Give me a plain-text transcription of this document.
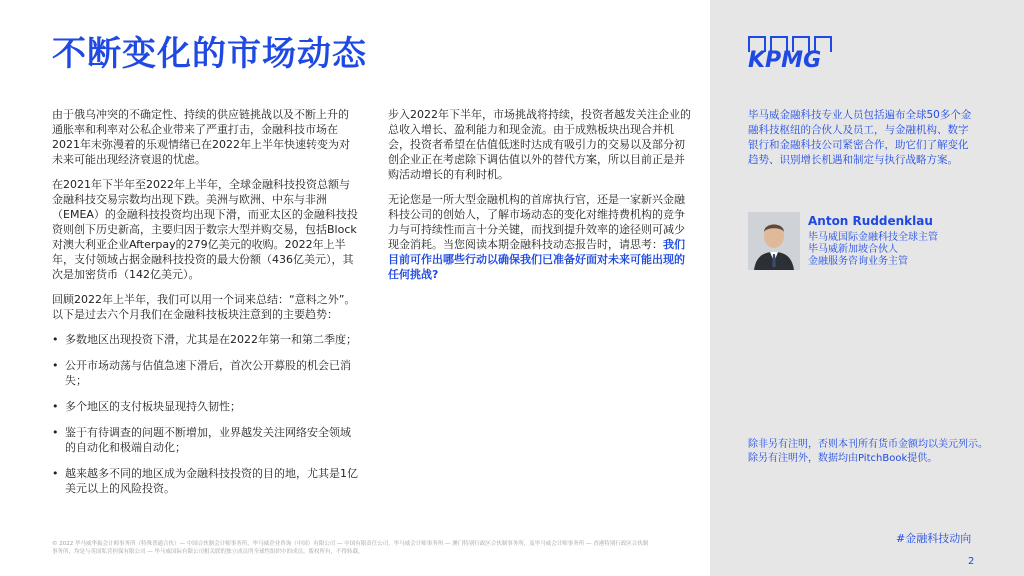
不断变化的市场动态

由于俄乌冲突的不确定性、持续的供应链挑战以及不断上升的通胀率和利率对公私企业带来了严重打击，金融科技市场在2021年末弥漫着的乐观情绪已在2022年上半年快速转变为对未来可能出现经济衰退的忧虑。

在2021年下半年至2022年上半年，全球金融科技投资总额与金融科技交易宗数均出现下跌。美洲与欧洲、中东与非洲（EMEA）的金融科技投资均出现下滑，而亚太区的金融科技投资则创下历史新高，主要归因于数宗大型并购交易，包括Block对澳大利亚企业Afterpay的279亿美元的收购。2022年上半年，支付领域占据金融科技投资的最大份额（436亿美元），其次是加密货币（142亿美元）。

回顾2022年上半年，我们可以用一个词来总结：“意料之外”。以下是过去六个月我们在金融科技板块注意到的主要趋势：

• 多数地区出现投资下滑，尤其是在2022年第一和第二季度；
• 公开市场动荡与估值急速下滑后，首次公开募股的机会已消失；
• 多个地区的支付板块显现持久韧性；
• 鉴于有待调查的问题不断增加，业界越发关注网络安全领域的自动化和极端自动化；
• 越来越多不同的地区成为金融科技投资的目的地，尤其是1亿美元以上的风险投资。

步入2022年下半年，市场挑战将持续，投资者越发关注企业的总收入增长、盈利能力和现金流。由于成熟板块出现合并机会，投资者希望在估值低迷时达成有吸引力的交易以及部分初创企业正在考虑除下调估值以外的替代方案，所以目前正是并购活动增长的有利时机。

无论您是一所大型金融机构的首席执行官，还是一家新兴金融科技公司的创始人，了解市场动态的变化对维持费机构的竞争力与可持续性而言十分关键，而找到提升效率的途径则可减少现金消耗。当您阅读本期金融科技动态报告时，请思考：我们目前可作出哪些行动以确保我们已准备好面对未来可能出现的任何挑战?

© 2022 毕马威华振会计师事务所（特殊普通合伙）— 中国合伙制会计师事务所，毕马威企业咨询（中国）有限公司 — 中国有限责任公司，毕马威会计师事务所 — 澳门特别行政区合伙制事务所，及毕马威会计师事务所 — 香港特别行政区合伙制事务所，均是与英国私营担保有限公司 — 毕马威国际有限公司相关联的独立成员所全球性组织中的成员。版权所有，不得转载。
KPMG
毕马威金融科技专业人员包括遍布全球50多个金融科技枢纽的合伙人及员工，与金融机构、数字银行和金融科技公司紧密合作，助它们了解变化趋势、识别增长机遇和制定与执行战略方案。
Anton Ruddenklau
毕马威国际金融科技全球主管
毕马威新加坡合伙人
金融服务咨询业务主管
除非另有注明，否则本刊所有货币金额均以美元列示。除另有注明外，数据均由PitchBook提供。
#金融科技动向
2
